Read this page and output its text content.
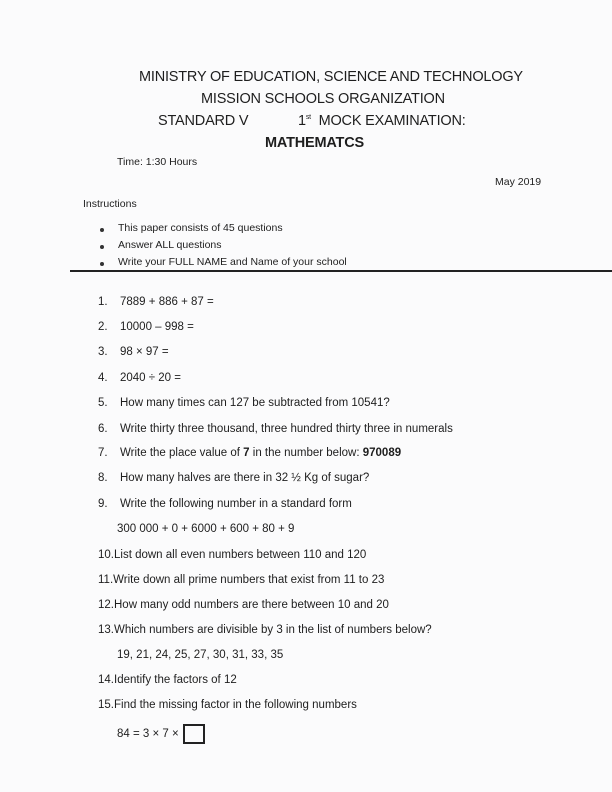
MINISTRY OF EDUCATION, SCIENCE AND TECHNOLOGY
MISSION SCHOOLS ORGANIZATION
STANDARD V	1st MOCK EXAMINATION:
MATHEMATCS
Time: 1:30 Hours
May 2019
Instructions
This paper consists of 45 questions
Answer ALL questions
Write your FULL NAME and Name of your school
1. 7889 + 886 + 87 =
2. 10000 – 998 =
3. 98 × 97 =
4. 2040 ÷ 20 =
5. How many times can 127 be subtracted from 10541?
6. Write thirty three thousand, three hundred thirty three in numerals
7. Write the place value of 7 in the number below: 970089
8. How many halves are there in 32 ½ Kg of sugar?
9. Write the following number in a standard form
300 000 + 0 + 6000 + 600 + 80 + 9
10.List down all even numbers between 110 and 120
11.Write down all prime numbers that exist from 11 to 23
12.How many odd numbers are there between 10 and 20
13.Which numbers are divisible by 3 in the list of numbers below?
19, 21, 24, 25, 27, 30, 31, 33, 35
14.Identify the factors of 12
15.Find the missing factor in the following numbers
84 = 3 × 7 ×
